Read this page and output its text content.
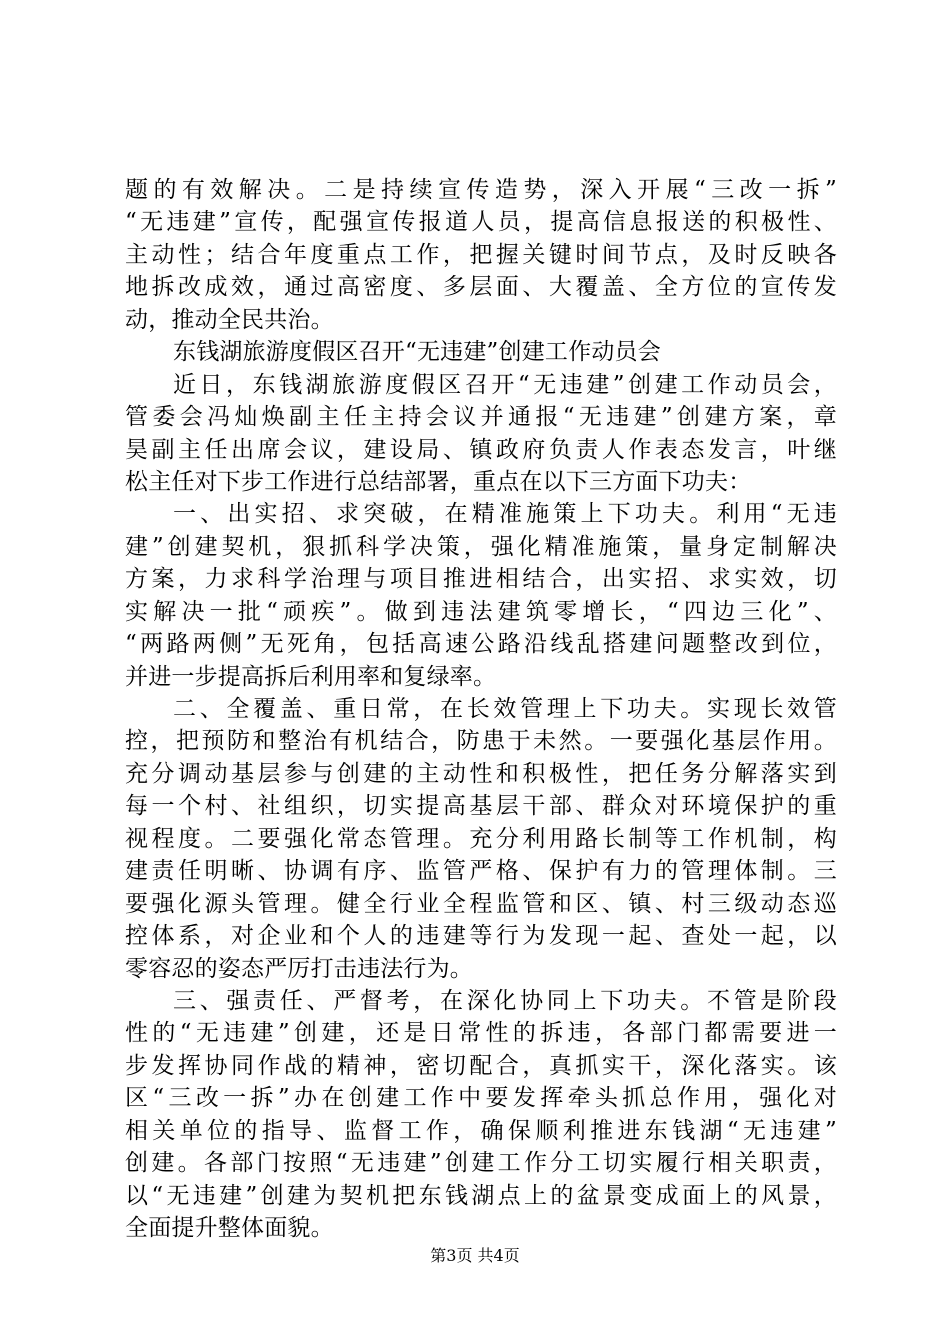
题的有效解决。二是持续宣传造势，深入开展“三改一拆”
“无违建”宣传，配强宣传报道人员，提高信息报送的积极性、
主动性；结合年度重点工作，把握关键时间节点，及时反映各
地拆改成效，通过高密度、多层面、大覆盖、全方位的宣传发
动，推动全民共治。
东钱湖旅游度假区召开“无违建”创建工作动员会
近日，东钱湖旅游度假区召开“无违建”创建工作动员会，
管委会冯灿焕副主任主持会议并通报“无违建”创建方案，章
昊副主任出席会议，建设局、镇政府负责人作表态发言，叶继
松主任对下步工作进行总结部署，重点在以下三方面下功夫：
一、出实招、求突破，在精准施策上下功夫。利用“无违
建”创建契机，狠抓科学决策，强化精准施策，量身定制解决
方案，力求科学治理与项目推进相结合，出实招、求实效，切
实解决一批“顽疾”。做到违法建筑零增长，“四边三化”、
“两路两侧”无死角，包括高速公路沿线乱搭建问题整改到位，
并进一步提高拆后利用率和复绿率。
二、全覆盖、重日常，在长效管理上下功夫。实现长效管
控，把预防和整治有机结合，防患于未然。一要强化基层作用。
充分调动基层参与创建的主动性和积极性，把任务分解落实到
每一个村、社组织，切实提高基层干部、群众对环境保护的重
视程度。二要强化常态管理。充分利用路长制等工作机制，构
建责任明晰、协调有序、监管严格、保护有力的管理体制。三
要强化源头管理。健全行业全程监管和区、镇、村三级动态巡
控体系，对企业和个人的违建等行为发现一起、查处一起，以
零容忍的姿态严厉打击违法行为。
三、强责任、严督考，在深化协同上下功夫。不管是阶段
性的“无违建”创建，还是日常性的拆违，各部门都需要进一
步发挥协同作战的精神，密切配合，真抓实干，深化落实。该
区“三改一拆”办在创建工作中要发挥牵头抓总作用，强化对
相关单位的指导、监督工作，确保顺利推进东钱湖“无违建”
创建。各部门按照“无违建”创建工作分工切实履行相关职责，
以“无违建”创建为契机把东钱湖点上的盆景变成面上的风景，
全面提升整体面貌。
第3页 共4页
